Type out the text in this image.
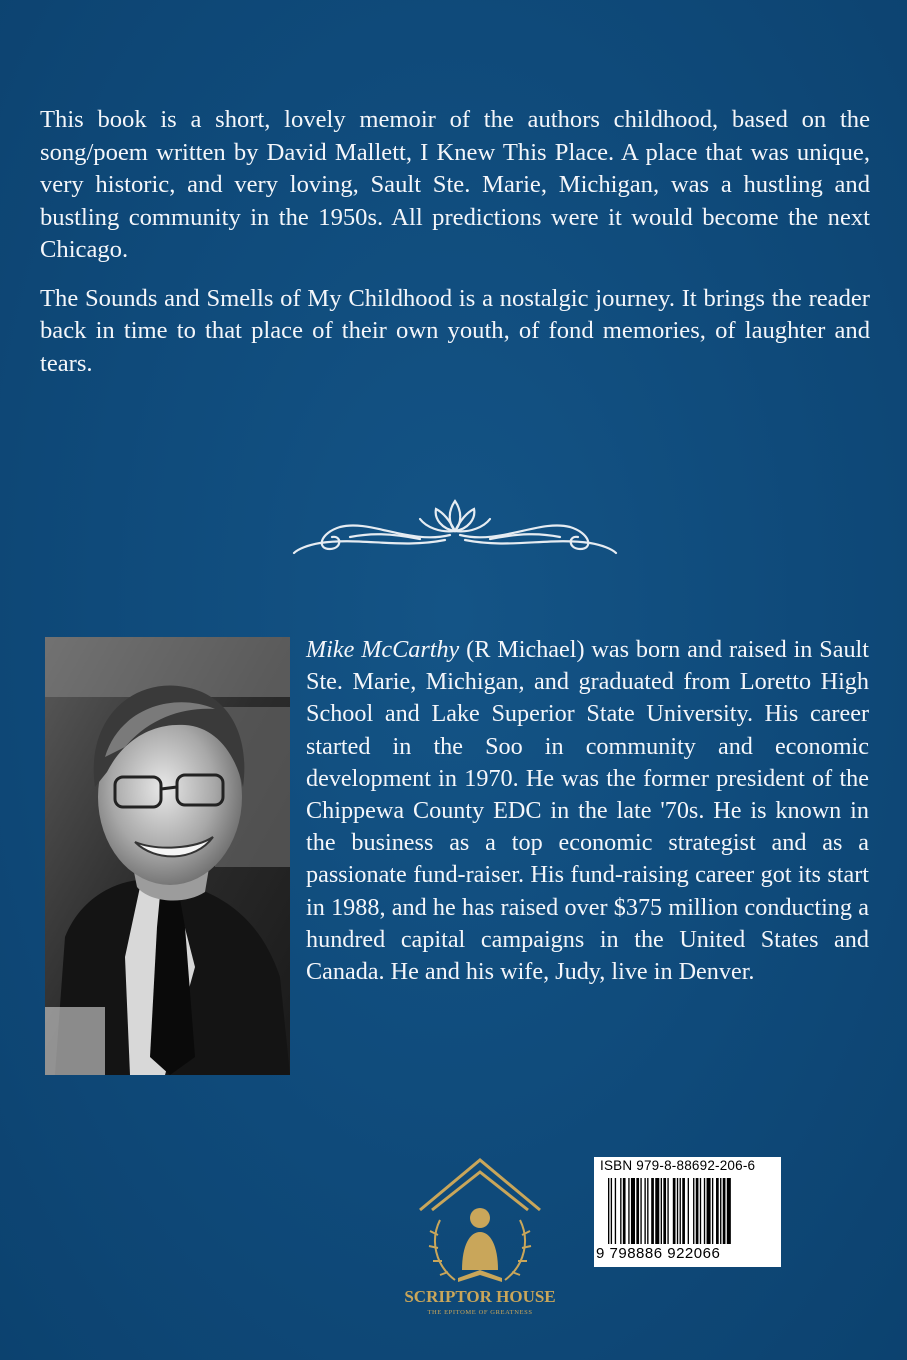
This book is a short, lovely memoir of the authors childhood, based on the song/poem written by David Mallett, I Knew This Place. A place that was unique, very historic, and very loving, Sault Ste. Marie, Michigan, was a hustling and bustling community in the 1950s. All predictions were it would become the next Chicago.

The Sounds and Smells of My Childhood is a nostalgic journey. It brings the reader back in time to that place of their own youth, of fond memories, of laughter and tears.

Mike McCarthy (R Michael) was born and raised in Sault Ste. Marie, Michigan, and graduated from Loretto High School and Lake Superior State University. His career started in the Soo in community and economic development in 1970. He was the former president of the Chippewa County EDC in the late '70s. He is known in the business as a top economic strategist and as a passionate fund-raiser. His fund-raising career got its start in 1988, and he has raised over $375 million conducting a hundred capital campaigns in the United States and Canada. He and his wife, Judy, live in Denver.

SCRIPTOR HOUSE
THE EPITOME OF GREATNESS
ISBN 979-8-88692-206-6
9 798886 922066
